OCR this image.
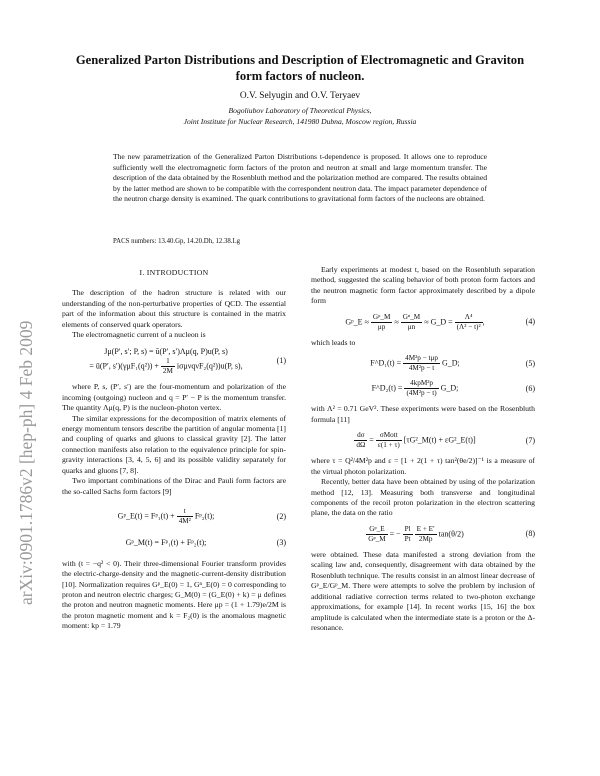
arXiv:0901.1786v2 [hep-ph] 4 Feb 2009
Generalized Parton Distributions and Description of Electromagnetic and Graviton
form factors of nucleon.
O.V. Selyugin and O.V. Teryaev
Bogoliubov Laboratory of Theoretical Physics,
Joint Institute for Nuclear Research, 141980 Dubna, Moscow region, Russia
The new parametrization of the Generalized Parton Distributions t-dependence is proposed. It allows one to reproduce sufficiently well the electromagnetic form factors of the proton and neutron at small and large momentum transfer. The description of the data obtained by the Rosenbluth method and the polarization method are compared. The results obtained by the latter method are shown to be compatible with the correspondent neutron data. The impact parameter dependence of the neutron charge density is examined. The quark contributions to gravitational form factors of the nucleons are obtained.
PACS numbers: 13.40.Gp, 14.20.Dh, 12.38.Lg
I. INTRODUCTION

The description of the hadron structure is related with our understanding of the non-perturbative properties of QCD. The essential part of the information about this structure is contained in the matrix elements of conserved quark operators.

The electromagnetic current of a nucleon is

Jμ(P′, s′; P, s) = ū(P′, s′)Λμ(q, P)u(P, s)
= ū(P′, $s')(\gamma\mu F_1(q^2)) + \frac{1}{2M} i\sigma\mu\nu q\nu F_2(q^2))u(P$, s),
(1)

where P, s, (P′, s′) are the four-momentum and polarization of the incoming (outgoing) nucleon and q = P′ − P is the momentum transfer. The quantity Λμ(q, P) is the nucleon-photon vertex.

The similar expressions for the decomposition of matrix elements of energy momentum tensors describe the partition of angular momenta [1] and coupling of quarks and gluons to classical gravity [2]. The latter connection manifests also relation to the equivalence principle for spin-gravity interactions [3, 4, 5, 6] and its possible validity separately for quarks and gluons [7, 8].

Two important combinations of the Dirac and Pauli form factors are the so-called Sachs form factors [9]

Gᵖ_E(t) = Fᵖ₁(t) + $\frac{t}{\text{4M²}}$ Fᵖ₂(t);	(2)
Gᵖ_M(t) = Fᵖ₁(t) + Fᵖ₂(t);	(3)

with (t = −q² < 0). Their three-dimensional Fourier transform provides the electric-charge-density and the magnetic-current-density distribution [10]. Normalization requires Gᵖ_E(0) = 1, Gⁿ_E(0) = 0 corresponding to proton and neutron electric charges; G_M(0) = (G_E(0) + k) = μ defines the proton and neutron magnetic moments. Here μp = (1 + 1.79)e/2M is the proton magnetic moment and k = F₂(0) is the anomalous magnetic moment: kp = 1.79

Early experiments at modest t, based on the Rosenbluth separation method, suggested the scaling behavior of both proton form factors and the neutron magnetic form factor approximately described by a dipole form

Gᵖ_E ≈ $\frac{\text{Gᵖ\_M}}{\mu p} \approx \frac{\text{Gⁿ\_M}}{\mu n}$ ≈ G_D = $\frac{\text{Λ⁴}}{\text{(Λ² − t)²}}$ ,	(4)

which leads to

F^D₁(t) = $\frac{\text{4M²p − tμp}}{\text{4M²p − t}}$ G_D;	(5)
F^D₂(t) = $\frac{\text{4kpM²p}}{\text{(4M²p − t)}}$ G_D;	(6)

with Λ² = 0.71 GeV². These experiments were based on the Rosenbluth formula [11]

$\frac{d\sigma}{d\Omega} = \frac{\text{σMott}}{\varepsilon(1 + \tau)}$ [τG²_M(t) + εG²_E(t)]	(7)

where τ = Q²/4M²p and ε = [1 + 2(1 + τ) tan²(θe/2)]⁻¹ is a measure of the virtual photon polarization.

Recently, better data have been obtained by using of the polarization method [12, 13]. Measuring both transverse and longitudinal components of the recoil proton polarization in the electron scattering plane, the data on the ratio

$\frac{\text{Gᵖ\_E}}{\text{Gᵖ\_M}}$ = − $\frac{Pl}{Pt}$
$\frac{E + E'}{2Mp} \tan(\theta/2)$	(8)

were obtained. These data manifested a strong deviation from the scaling law and, consequently, disagreement with data obtained by the Rosenbluth technique. The results consist in an almost linear decrease of Gᵖ_E/Gᵖ_M. There were attempts to solve the problem by inclusion of additional radiative correction terms related to two-photon exchange approximations, for example [14]. In recent works [15, 16] the box amplitude is calculated when the intermediate state is a proton or the Δ-resonance.
